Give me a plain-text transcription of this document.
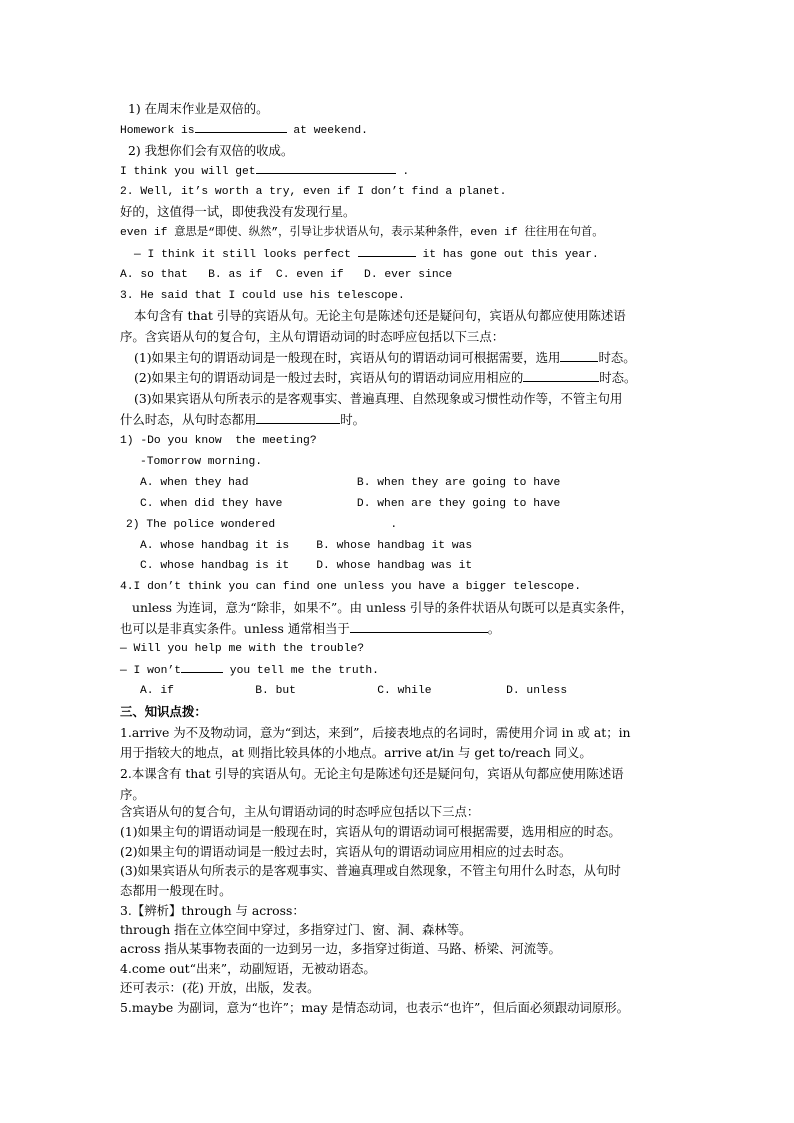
1) 在周末作业是双倍的。
Homework is	at weekend.
2) 我想你们会有双倍的收成。
I think you will get	.
2. Well, it’s worth a try, even if I don’t find a planet.
好的，这值得一试，即使我没有发现行星。
even if 意思是“即使、纵然”，引导让步状语从句，表示某种条件，even if 往往用在句首。
— I think it still looks perfect	it has gone out this year.
A. so that   B. as if  C. even if   D. ever since
3. He said that I could use his telescope.
本句含有 that 引导的宾语从句。无论主句是陈述句还是疑问句，宾语从句都应使用陈述语
序。含宾语从句的复合句，主从句谓语动词的时态呼应包括以下三点：
(1)如果主句的谓语动词是一般现在时，宾语从句的谓语动词可根据需要，选用	时态。
(2)如果主句的谓语动词是一般过去时，宾语从句的谓语动词应用相应的	时态。
(3)如果宾语从句所表示的是客观事实、普遍真理、自然现象或习惯性动作等，不管主句用
什么时态，从句时态都用	时。
1) -Do you know  the meeting?
-Tomorrow morning.
A. when they had                B. when they are going to have
C. when did they have           D. when are they going to have
2) The police wondered                 .
A. whose handbag it is    B. whose handbag it was
C. whose handbag is it    D. whose handbag was it
4.I don’t think you can find one unless you have a bigger telescope.
unless 为连词，意为“除非，如果不”。由 unless 引导的条件状语从句既可以是真实条件，
也可以是非真实条件。unless 通常相当于	。
— Will you help me with the trouble?
— I won’t	you tell me the truth.
A. if            B. but            C. while           D. unless
三、知识点拨：
1.arrive 为不及物动词，意为“到达，来到”，后接表地点的名词时，需使用介词 in 或 at；in
用于指较大的地点，at 则指比较具体的小地点。arrive at/in 与 get to/reach 同义。
2.本课含有 that 引导的宾语从句。无论主句是陈述句还是疑问句，宾语从句都应使用陈述语
序。
含宾语从句的复合句，主从句谓语动词的时态呼应包括以下三点：
(1)如果主句的谓语动词是一般现在时，宾语从句的谓语动词可根据需要，选用相应的时态。
(2)如果主句的谓语动词是一般过去时，宾语从句的谓语动词应用相应的过去时态。
(3)如果宾语从句所表示的是客观事实、普遍真理或自然现象，不管主句用什么时态，从句时
态都用一般现在时。
3.【辨析】through 与 across：
through 指在立体空间中穿过，多指穿过门、窗、洞、森林等。
across 指从某事物表面的一边到另一边，多指穿过街道、马路、桥梁、河流等。
4.come out“出来”，动副短语，无被动语态。
还可表示：(花) 开放，出版，发表。
5.maybe 为副词，意为“也许”；may 是情态动词，也表示“也许”，但后面必须跟动词原形。
